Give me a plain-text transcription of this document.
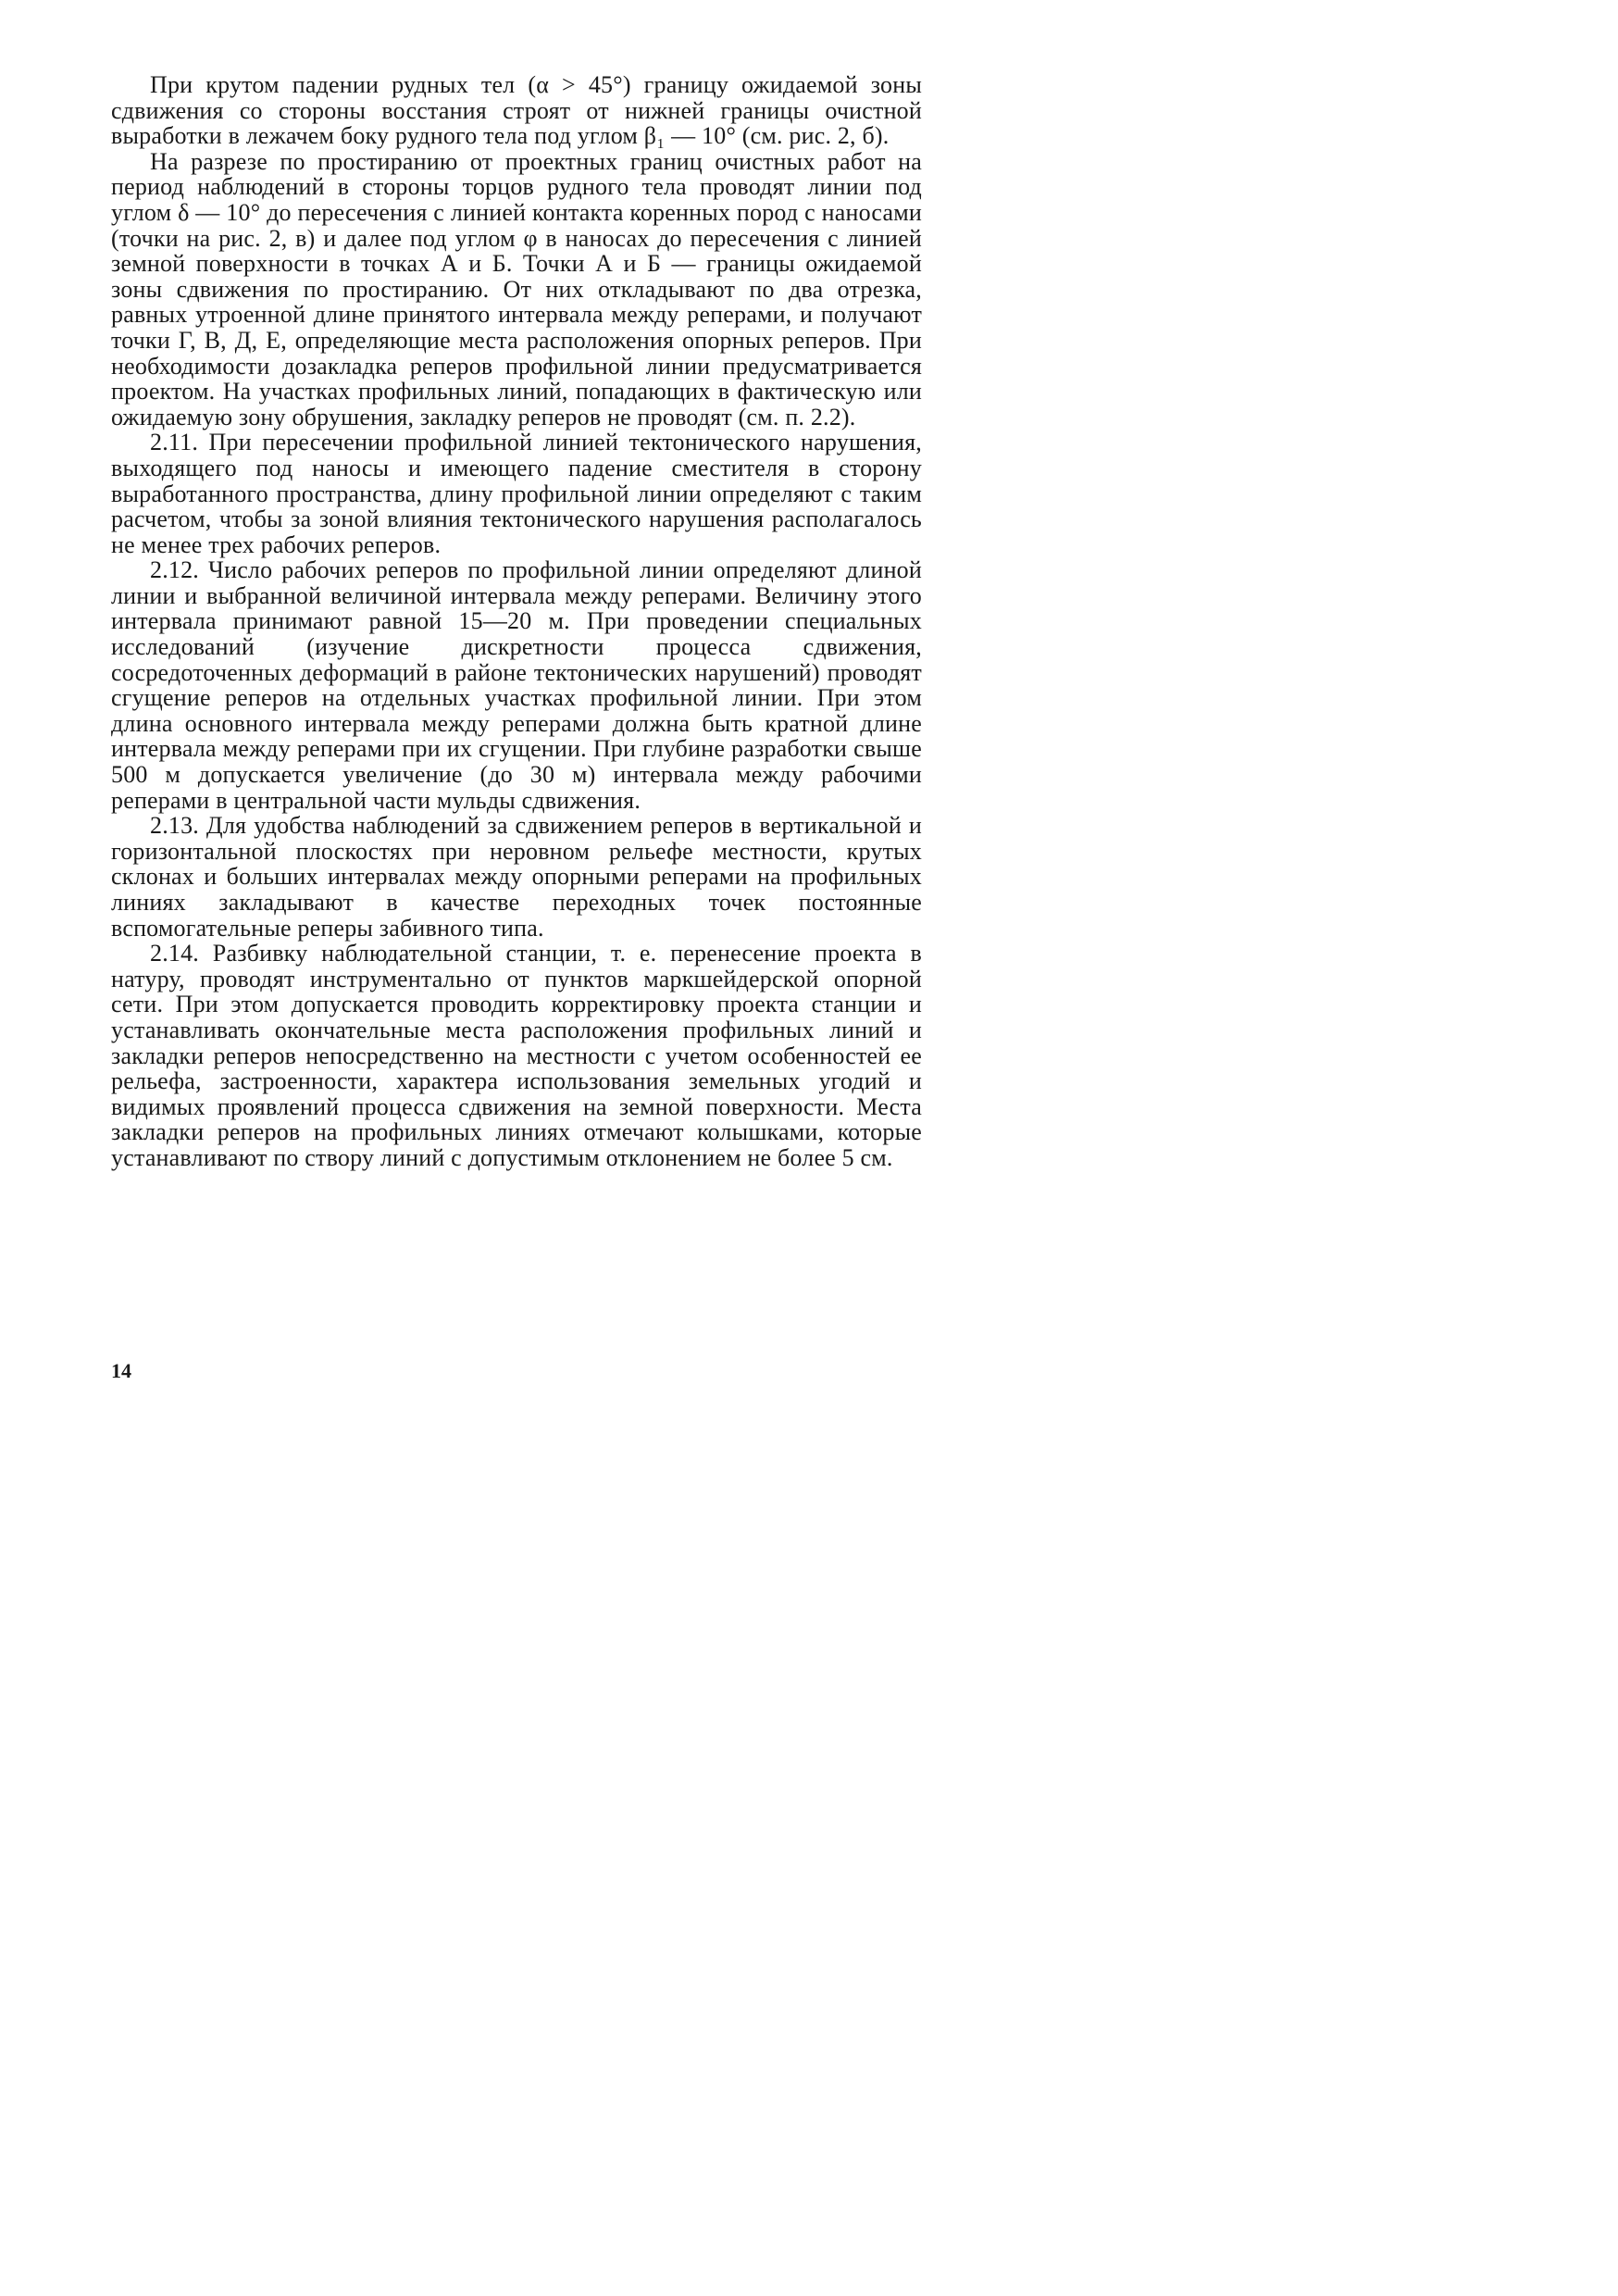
При крутом падении рудных тел (α > 45°) границу ожидаемой зоны сдвижения со стороны восстания строят от нижней границы очистной выработки в лежачем боку рудного тела под углом β₁ — 10° (см. рис. 2, б).

На разрезе по простиранию от проектных границ очистных работ на период наблюдений в стороны торцов рудного тела проводят линии под углом δ — 10° до пересечения с линией контакта коренных пород с наносами (точки на рис. 2, в) и далее под углом φ в наносах до пересечения с линией земной поверхности в точках А и Б. Точки А и Б — границы ожидаемой зоны сдвижения по простиранию. От них откладывают по два отрезка, равных утроенной длине принятого интервала между реперами, и получают точки Г, В, Д, Е, определяющие места расположения опорных реперов. При необходимости дозакладка реперов профильной линии предусматривается проектом. На участках профильных линий, попадающих в фактическую или ожидаемую зону обрушения, закладку реперов не проводят (см. п. 2.2).

2.11. При пересечении профильной линией тектонического нарушения, выходящего под наносы и имеющего падение сместителя в сторону выработанного пространства, длину профильной линии определяют с таким расчетом, чтобы за зоной влияния тектонического нарушения располагалось не менее трех рабочих реперов.

2.12. Число рабочих реперов по профильной линии определяют длиной линии и выбранной величиной интервала между реперами. Величину этого интервала принимают равной 15—20 м. При проведении специальных исследований (изучение дискретности процесса сдвижения, сосредоточенных деформаций в районе тектонических нарушений) проводят сгущение реперов на отдельных участках профильной линии. При этом длина основного интервала между реперами должна быть кратной длине интервала между реперами при их сгущении. При глубине разработки свыше 500 м допускается увеличение (до 30 м) интервала между рабочими реперами в центральной части мульды сдвижения.

2.13. Для удобства наблюдений за сдвижением реперов в вертикальной и горизонтальной плоскостях при неровном рельефе местности, крутых склонах и больших интервалах между опорными реперами на профильных линиях закладывают в качестве переходных точек постоянные вспомогательные реперы забивного типа.

2.14. Разбивку наблюдательной станции, т. е. перенесение проекта в натуру, проводят инструментально от пунктов маркшейдерской опорной сети. При этом допускается проводить корректировку проекта станции и устанавливать окончательные места расположения профильных линий и закладки реперов непосредственно на местности с учетом особенностей ее рельефа, застроенности, характера использования земельных угодий и видимых проявлений процесса сдвижения на земной поверхности. Места закладки реперов на профильных линиях отмечают колышками, которые устанавливают по створу линий с допустимым отклонением не более 5 см.

14
